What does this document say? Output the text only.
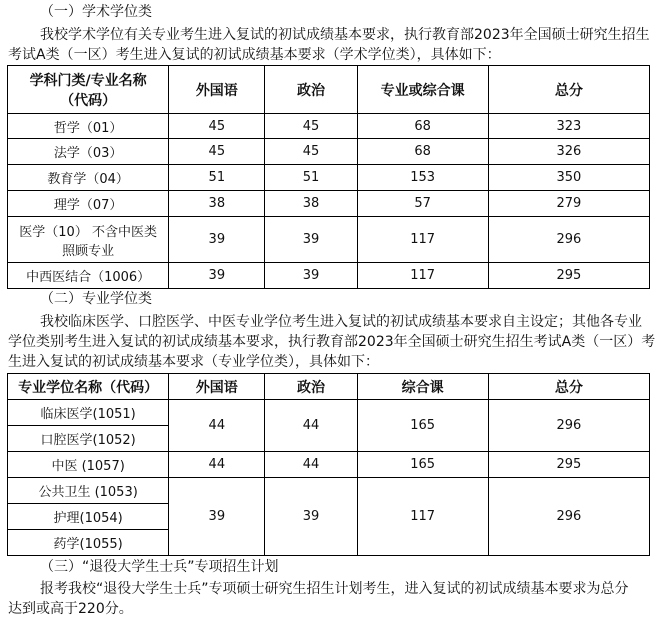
（一）学术学位类
我校学术学位有关专业考生进入复试的初试成绩基本要求，执行教育部2023年全国硕士研究生招生
考试A类（一区）考生进入复试的初试成绩基本要求（学术学位类），具体如下：
学科门类/专业名称
（代码）	外国语	政治	专业或综合课	总分
哲学（01）	45	45	68	323
法学（03）	45	45	68	326
教育学（04）	51	51	153	350
理学（07）	38	38	57	279
医学（10） 不含中医类
照顾专业	39	39	117	296
中西医结合（1006）	39	39	117	295
（二）专业学位类
我校临床医学、口腔医学、中医专业学位考生进入复试的初试成绩基本要求自主设定；其他各专业
学位类别考生进入复试的初试成绩基本要求，执行教育部2023年全国硕士研究生招生考试A类（一区）考
生进入复试的初试成绩基本要求（专业学位类），具体如下：
专业学位名称（代码）	外国语	政治	综合课	总分
临床医学(1051)	44	44	165	296
口腔医学(1052)				
中医 (1057)	44	44	165	295
公共卫生 (1053)	39	39	117	296
护理(1054)				
药学(1055)				
（三）“退役大学生士兵”专项招生计划
报考我校“退役大学生士兵”专项硕士研究生招生计划考生，进入复试的初试成绩基本要求为总分
达到或高于220分。
